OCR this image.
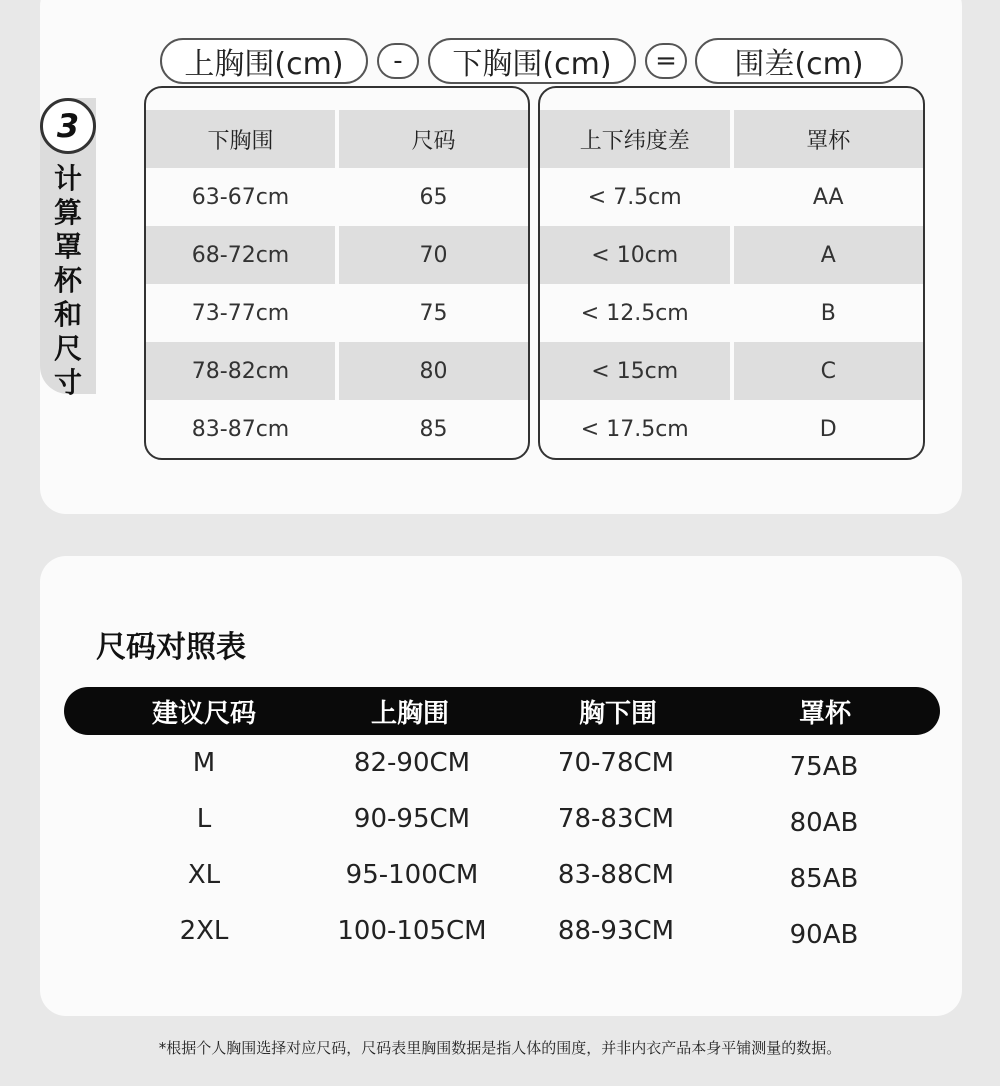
上胸围(cm)	-	下胸围(cm)	=	围差(cm)
3
计算罩杯和尺寸
下胸围	尺码
63-67cm	65
68-72cm	70
73-77cm	75
78-82cm	80
83-87cm	85
上下纬度差	罩杯
< 7.5cm	AA
< 10cm	A
< 12.5cm	B
< 15cm	C
< 17.5cm	D
尺码对照表
建议尺码	上胸围	胸下围	罩杯
M	82-90CM	70-78CM	75AB
L	90-95CM	78-83CM	80AB
XL	95-100CM	83-88CM	85AB
2XL	100-105CM	88-93CM	90AB
*根据个人胸围选择对应尺码，尺码表里胸围数据是指人体的围度，并非内衣产品本身平铺测量的数据。
